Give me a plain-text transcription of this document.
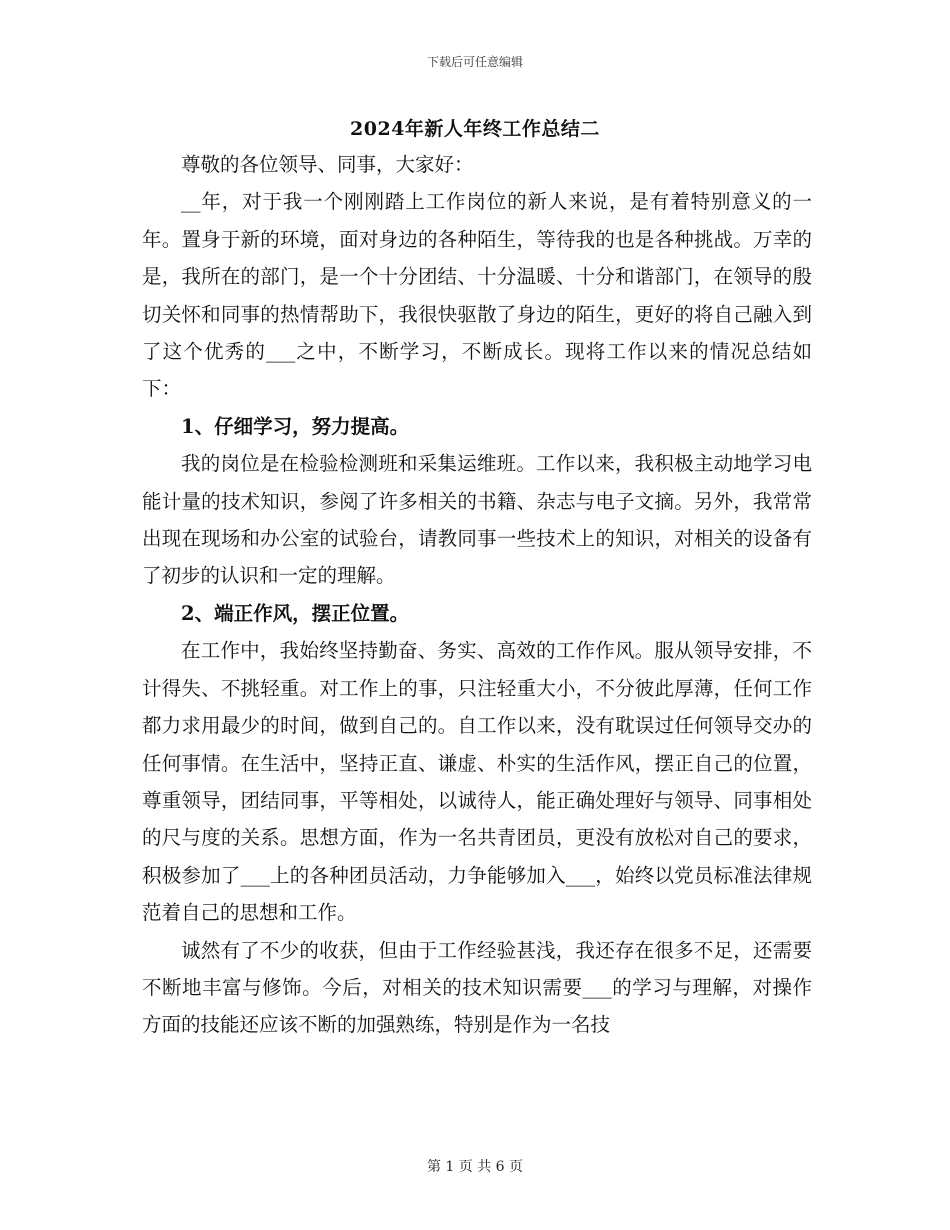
下载后可任意编辑
2024年新人年终工作总结二

尊敬的各位领导、同事，大家好：

__年，对于我一个刚刚踏上工作岗位的新人来说，是有着特别意义的一年。置身于新的环境，面对身边的各种陌生，等待我的也是各种挑战。万幸的是，我所在的部门，是一个十分团结、十分温暖、十分和谐部门，在领导的殷切关怀和同事的热情帮助下，我很快驱散了身边的陌生，更好的将自己融入到了这个优秀的___之中，不断学习，不断成长。现将工作以来的情况总结如下：

1、仔细学习，努力提高。

我的岗位是在检验检测班和采集运维班。工作以来，我积极主动地学习电能计量的技术知识，参阅了许多相关的书籍、杂志与电子文摘。另外，我常常出现在现场和办公室的试验台，请教同事一些技术上的知识，对相关的设备有了初步的认识和一定的理解。

2、端正作风，摆正位置。

在工作中，我始终坚持勤奋、务实、高效的工作作风。服从领导安排，不计得失、不挑轻重。对工作上的事，只注轻重大小，不分彼此厚薄，任何工作都力求用最少的时间，做到自己的。自工作以来，没有耽误过任何领导交办的任何事情。在生活中，坚持正直、谦虚、朴实的生活作风，摆正自己的位置，尊重领导，团结同事，平等相处，以诚待人，能正确处理好与领导、同事相处的尺与度的关系。思想方面，作为一名共青团员，更没有放松对自己的要求，积极参加了___上的各种团员活动，力争能够加入___，始终以党员标准法律规范着自己的思想和工作。

诚然有了不少的收获，但由于工作经验甚浅，我还存在很多不足，还需要不断地丰富与修饰。今后，对相关的技术知识需要___的学习与理解，对操作方面的技能还应该不断的加强熟练，特别是作为一名技

第 1 页 共 6 页
